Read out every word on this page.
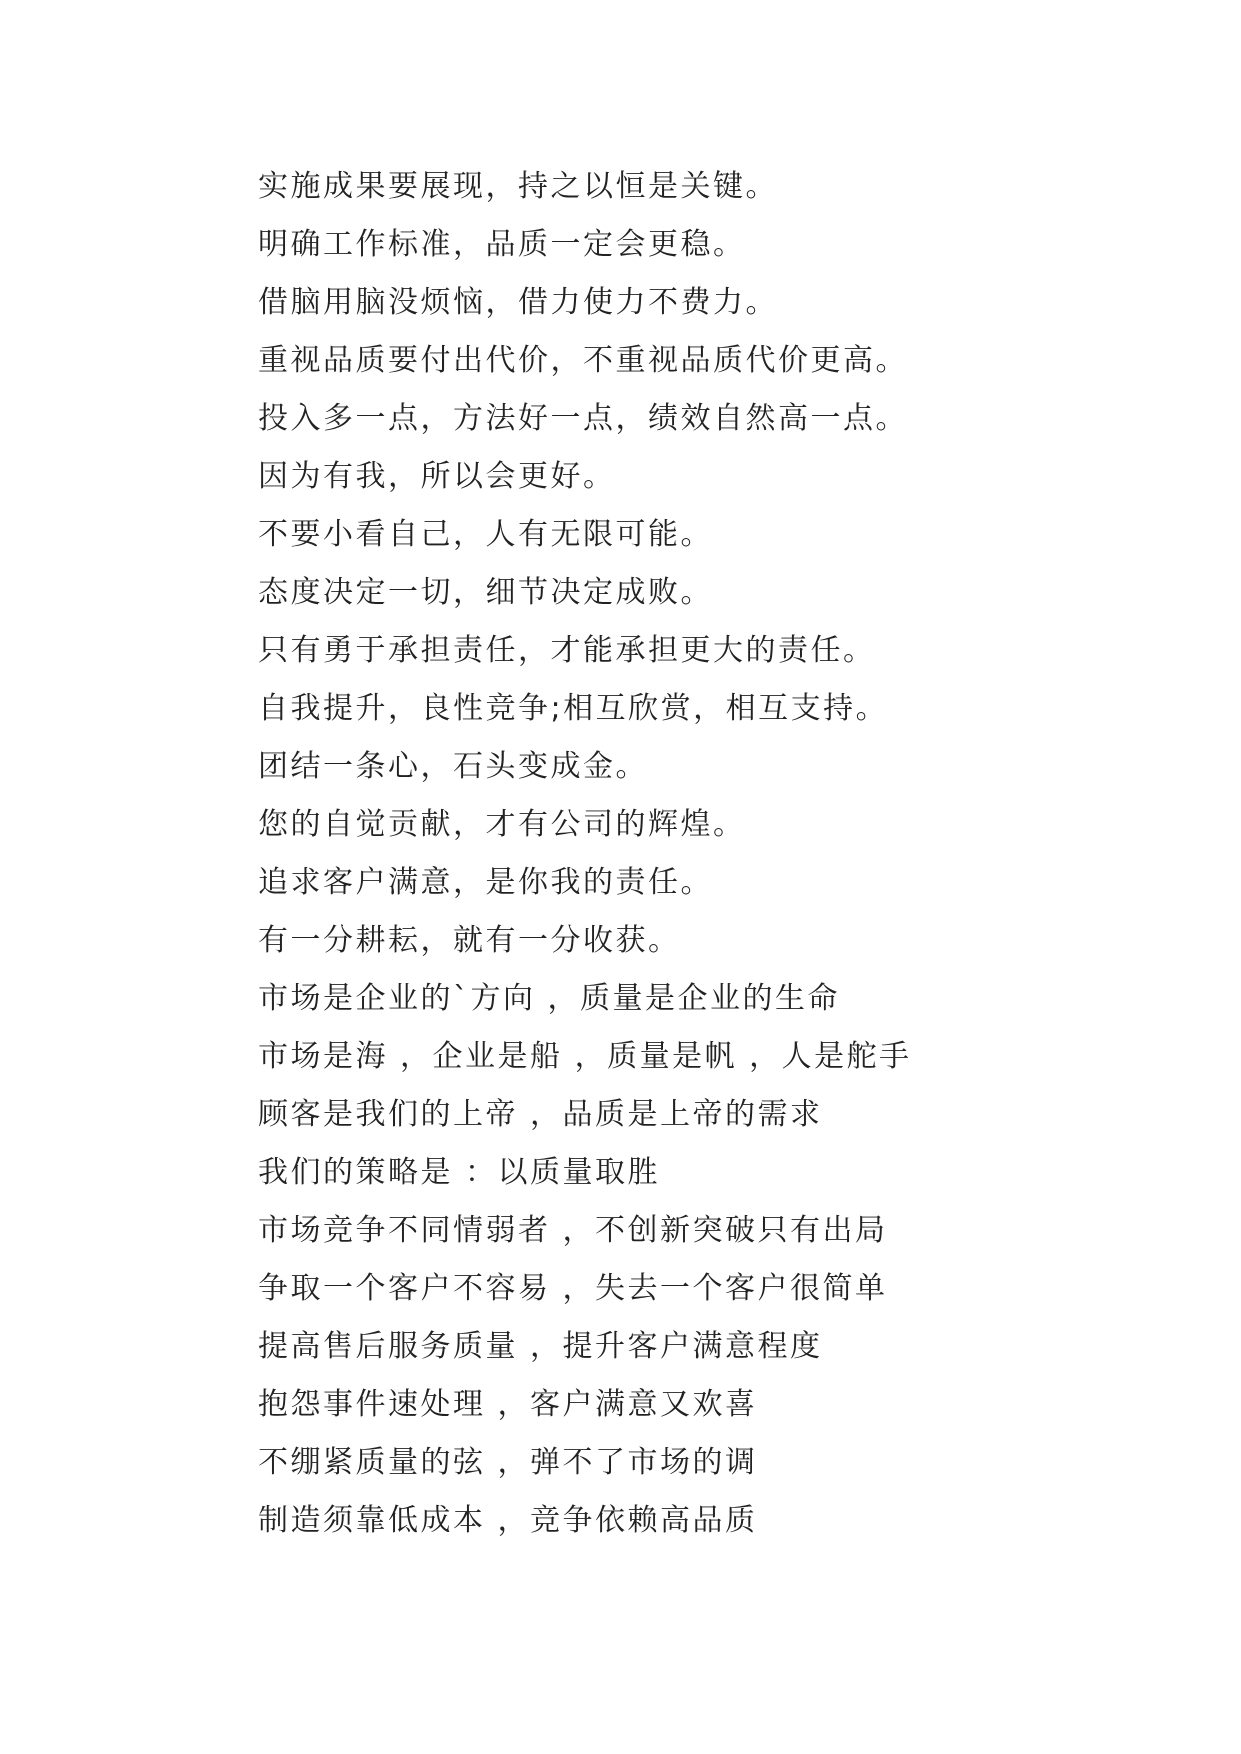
实施成果要展现，持之以恒是关键。
明确工作标准，品质一定会更稳。
借脑用脑没烦恼，借力使力不费力。
重视品质要付出代价，不重视品质代价更高。
投入多一点，方法好一点，绩效自然高一点。
因为有我，所以会更好。
不要小看自己，人有无限可能。
态度决定一切，细节决定成败。
只有勇于承担责任，才能承担更大的责任。
自我提升，良性竞争;相互欣赏，相互支持。
团结一条心，石头变成金。
您的自觉贡献，才有公司的辉煌。
追求客户满意，是你我的责任。
有一分耕耘，就有一分收获。
市场是企业的`方向 ，质量是企业的生命
市场是海 ，企业是船 ，质量是帆 ，人是舵手
顾客是我们的上帝 ，品质是上帝的需求
我们的策略是 ：以质量取胜
市场竞争不同情弱者 ，不创新突破只有出局
争取一个客户不容易 ，失去一个客户很简单
提高售后服务质量 ，提升客户满意程度
抱怨事件速处理 ，客户满意又欢喜
不绷紧质量的弦 ，弹不了市场的调
制造须靠低成本 ，竞争依赖高品质
